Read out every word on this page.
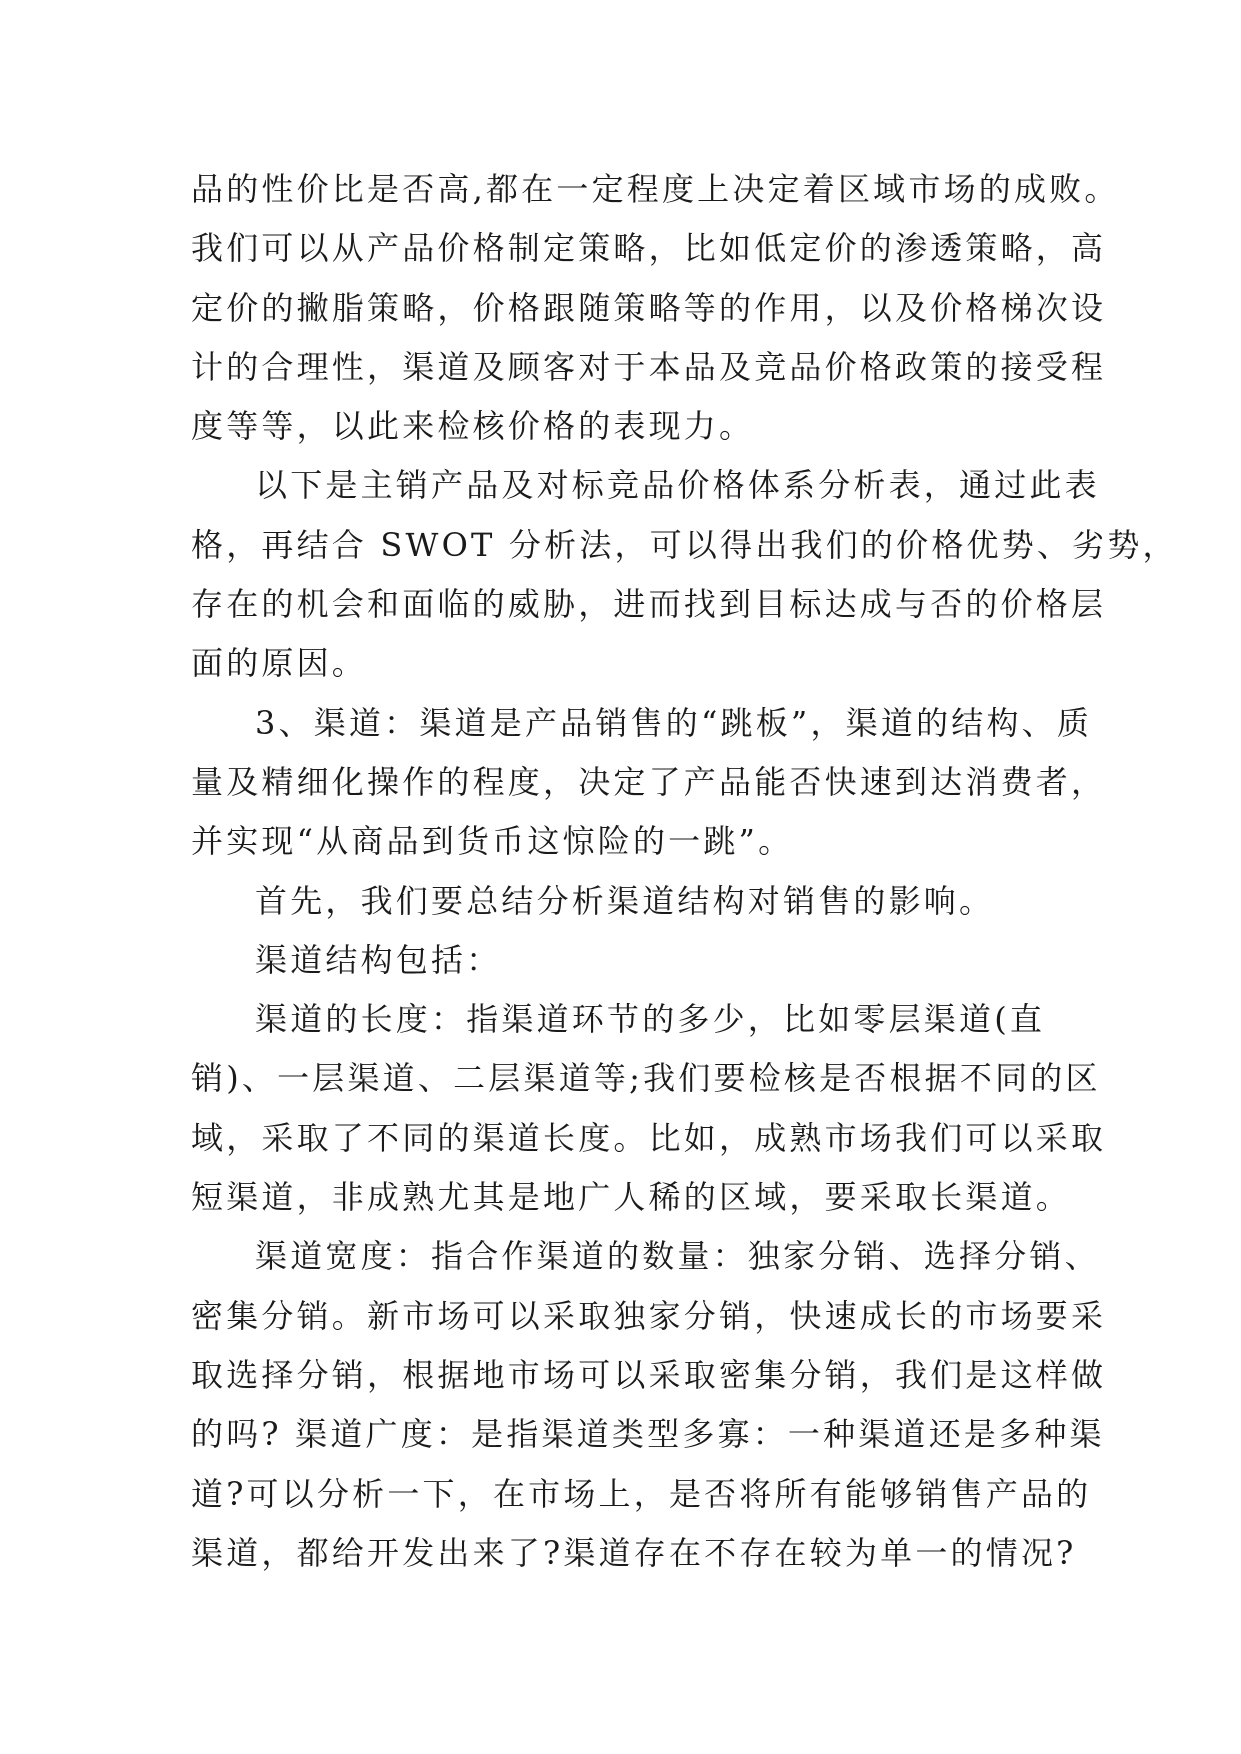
品的性价比是否高,都在一定程度上决定着区域市场的成败。
我们可以从产品价格制定策略，比如低定价的渗透策略，高
定价的撇脂策略，价格跟随策略等的作用，以及价格梯次设
计的合理性，渠道及顾客对于本品及竞品价格政策的接受程
度等等，以此来检核价格的表现力。
以下是主销产品及对标竞品价格体系分析表，通过此表
格，再结合 SWOT 分析法，可以得出我们的价格优势、劣势，
存在的机会和面临的威胁，进而找到目标达成与否的价格层
面的原因。
3、渠道：渠道是产品销售的“跳板”，渠道的结构、质
量及精细化操作的程度，决定了产品能否快速到达消费者，
并实现“从商品到货币这惊险的一跳”。
首先，我们要总结分析渠道结构对销售的影响。
渠道结构包括：
渠道的长度：指渠道环节的多少，比如零层渠道(直
销)、一层渠道、二层渠道等;我们要检核是否根据不同的区
域，采取了不同的渠道长度。比如，成熟市场我们可以采取
短渠道，非成熟尤其是地广人稀的区域，要采取长渠道。
渠道宽度：指合作渠道的数量：独家分销、选择分销、
密集分销。新市场可以采取独家分销，快速成长的市场要采
取选择分销，根据地市场可以采取密集分销，我们是这样做
的吗? 渠道广度：是指渠道类型多寡：一种渠道还是多种渠
道?可以分析一下，在市场上，是否将所有能够销售产品的
渠道，都给开发出来了?渠道存在不存在较为单一的情况?
